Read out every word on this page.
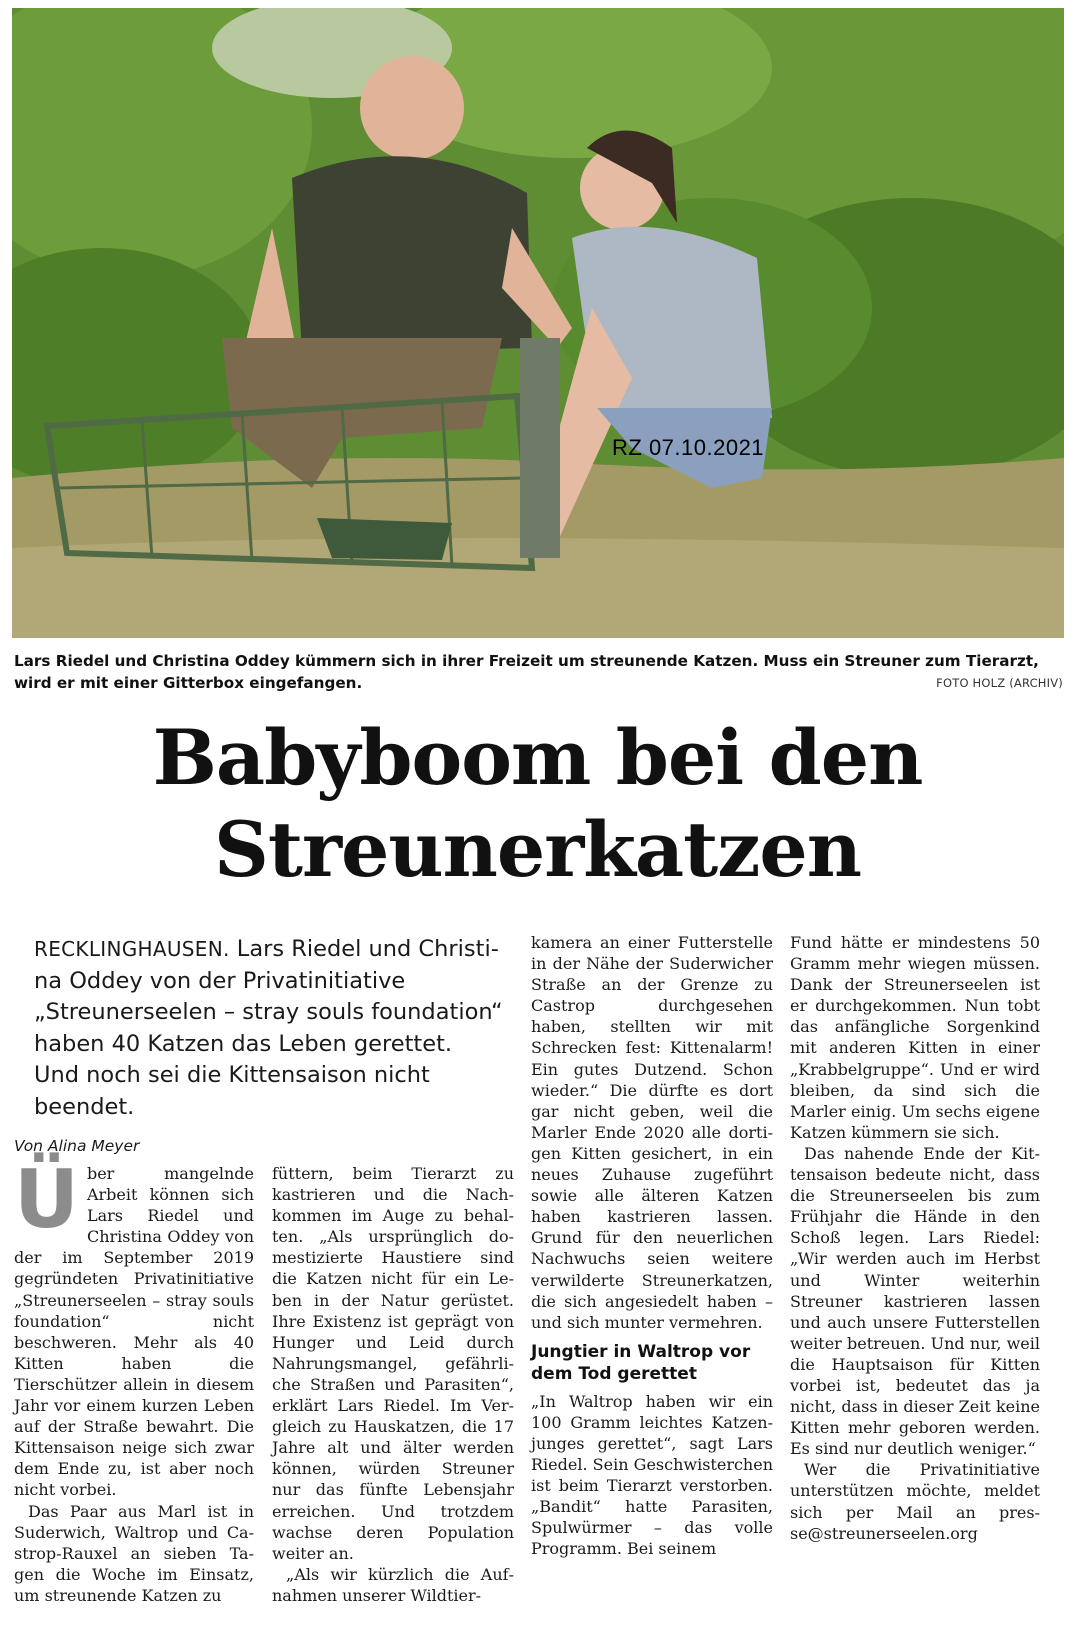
RZ 07.10.2021
Lars Riedel und Christina Oddey kümmern sich in ihrer Freizeit um streunende Katzen. Muss ein Streuner zum Tierarzt, wird er mit einer Gitterbox eingefangen.	FOTO HOLZ (ARCHIV)
Babyboom bei den
Streunerkatzen
RECKLINGHAUSEN. Lars Riedel und Christina Oddey von der Privatinitiative „Streunerseelen – stray souls foundation“ haben 40 Katzen das Leben gerettet. Und noch sei die Kittensaison nicht beendet.
Von Alina Meyer

Über mangelnde Arbeit können sich Lars Riedel und Christina Oddey von der im September 2019 gegründeten Privatinitiative „Streunerseelen – stray souls foundation“ nicht beschweren. Mehr als 40 Kitten haben die Tierschützer allein in diesem Jahr vor einem kurzen Leben auf der Straße bewahrt. Die Kittensaison neige sich zwar dem Ende zu, ist aber noch nicht vorbei.

Das Paar aus Marl ist in Suderwich, Waltrop und Castrop-Rauxel an sieben Tagen die Woche im Einsatz, um streunende Katzen zu

füttern, beim Tierarzt zu kastrieren und die Nachkommen im Auge zu behalten. „Als ursprünglich domestizierte Haustiere sind die Katzen nicht für ein Leben in der Natur gerüstet. Ihre Existenz ist geprägt von Hunger und Leid durch Nahrungsmangel, gefährliche Straßen und Parasiten“, erklärt Lars Riedel. Im Vergleich zu Hauskatzen, die 17 Jahre alt und älter werden können, würden Streuner nur das fünfte Lebensjahr erreichen. Und trotzdem wachse deren Population weiter an.

„Als wir kürzlich die Aufnahmen unserer Wildtier-

kamera an einer Futterstelle in der Nähe der Suderwicher Straße an der Grenze zu Castrop durchgesehen haben, stellten wir mit Schrecken fest: Kittenalarm! Ein gutes Dutzend. Schon wieder.“ Die dürfte es dort gar nicht geben, weil die Marler Ende 2020 alle dortigen Kitten gesichert, in ein neues Zuhause zugeführt sowie alle älteren Katzen haben kastrieren lassen. Grund für den neuerlichen Nachwuchs seien weitere verwilderte Streunerkatzen, die sich angesiedelt haben – und sich munter vermehren.

Jungtier in Waltrop vor dem Tod gerettet

„In Waltrop haben wir ein 100 Gramm leichtes Katzenjunges gerettet“, sagt Lars Riedel. Sein Geschwisterchen ist beim Tierarzt verstorben. „Bandit“ hatte Parasiten, Spulwürmer – das volle Programm. Bei seinem

Fund hätte er mindestens 50 Gramm mehr wiegen müssen. Dank der Streunerseelen ist er durchgekommen. Nun tobt das anfängliche Sorgenkind mit anderen Kitten in einer „Krabbelgruppe“. Und er wird bleiben, da sind sich die Marler einig. Um sechs eigene Katzen kümmern sie sich.

Das nahende Ende der Kittensaison bedeute nicht, dass die Streunerseelen bis zum Frühjahr die Hände in den Schoß legen. Lars Riedel: „Wir werden auch im Herbst und Winter weiterhin Streuner kastrieren lassen und auch unsere Futterstellen weiter betreuen. Und nur, weil die Hauptsaison für Kitten vorbei ist, bedeutet das ja nicht, dass in dieser Zeit keine Kitten mehr geboren werden. Es sind nur deutlich weniger.“

Wer die Privatinitiative unterstützen möchte, meldet sich per Mail an presse@streunerseelen.org
